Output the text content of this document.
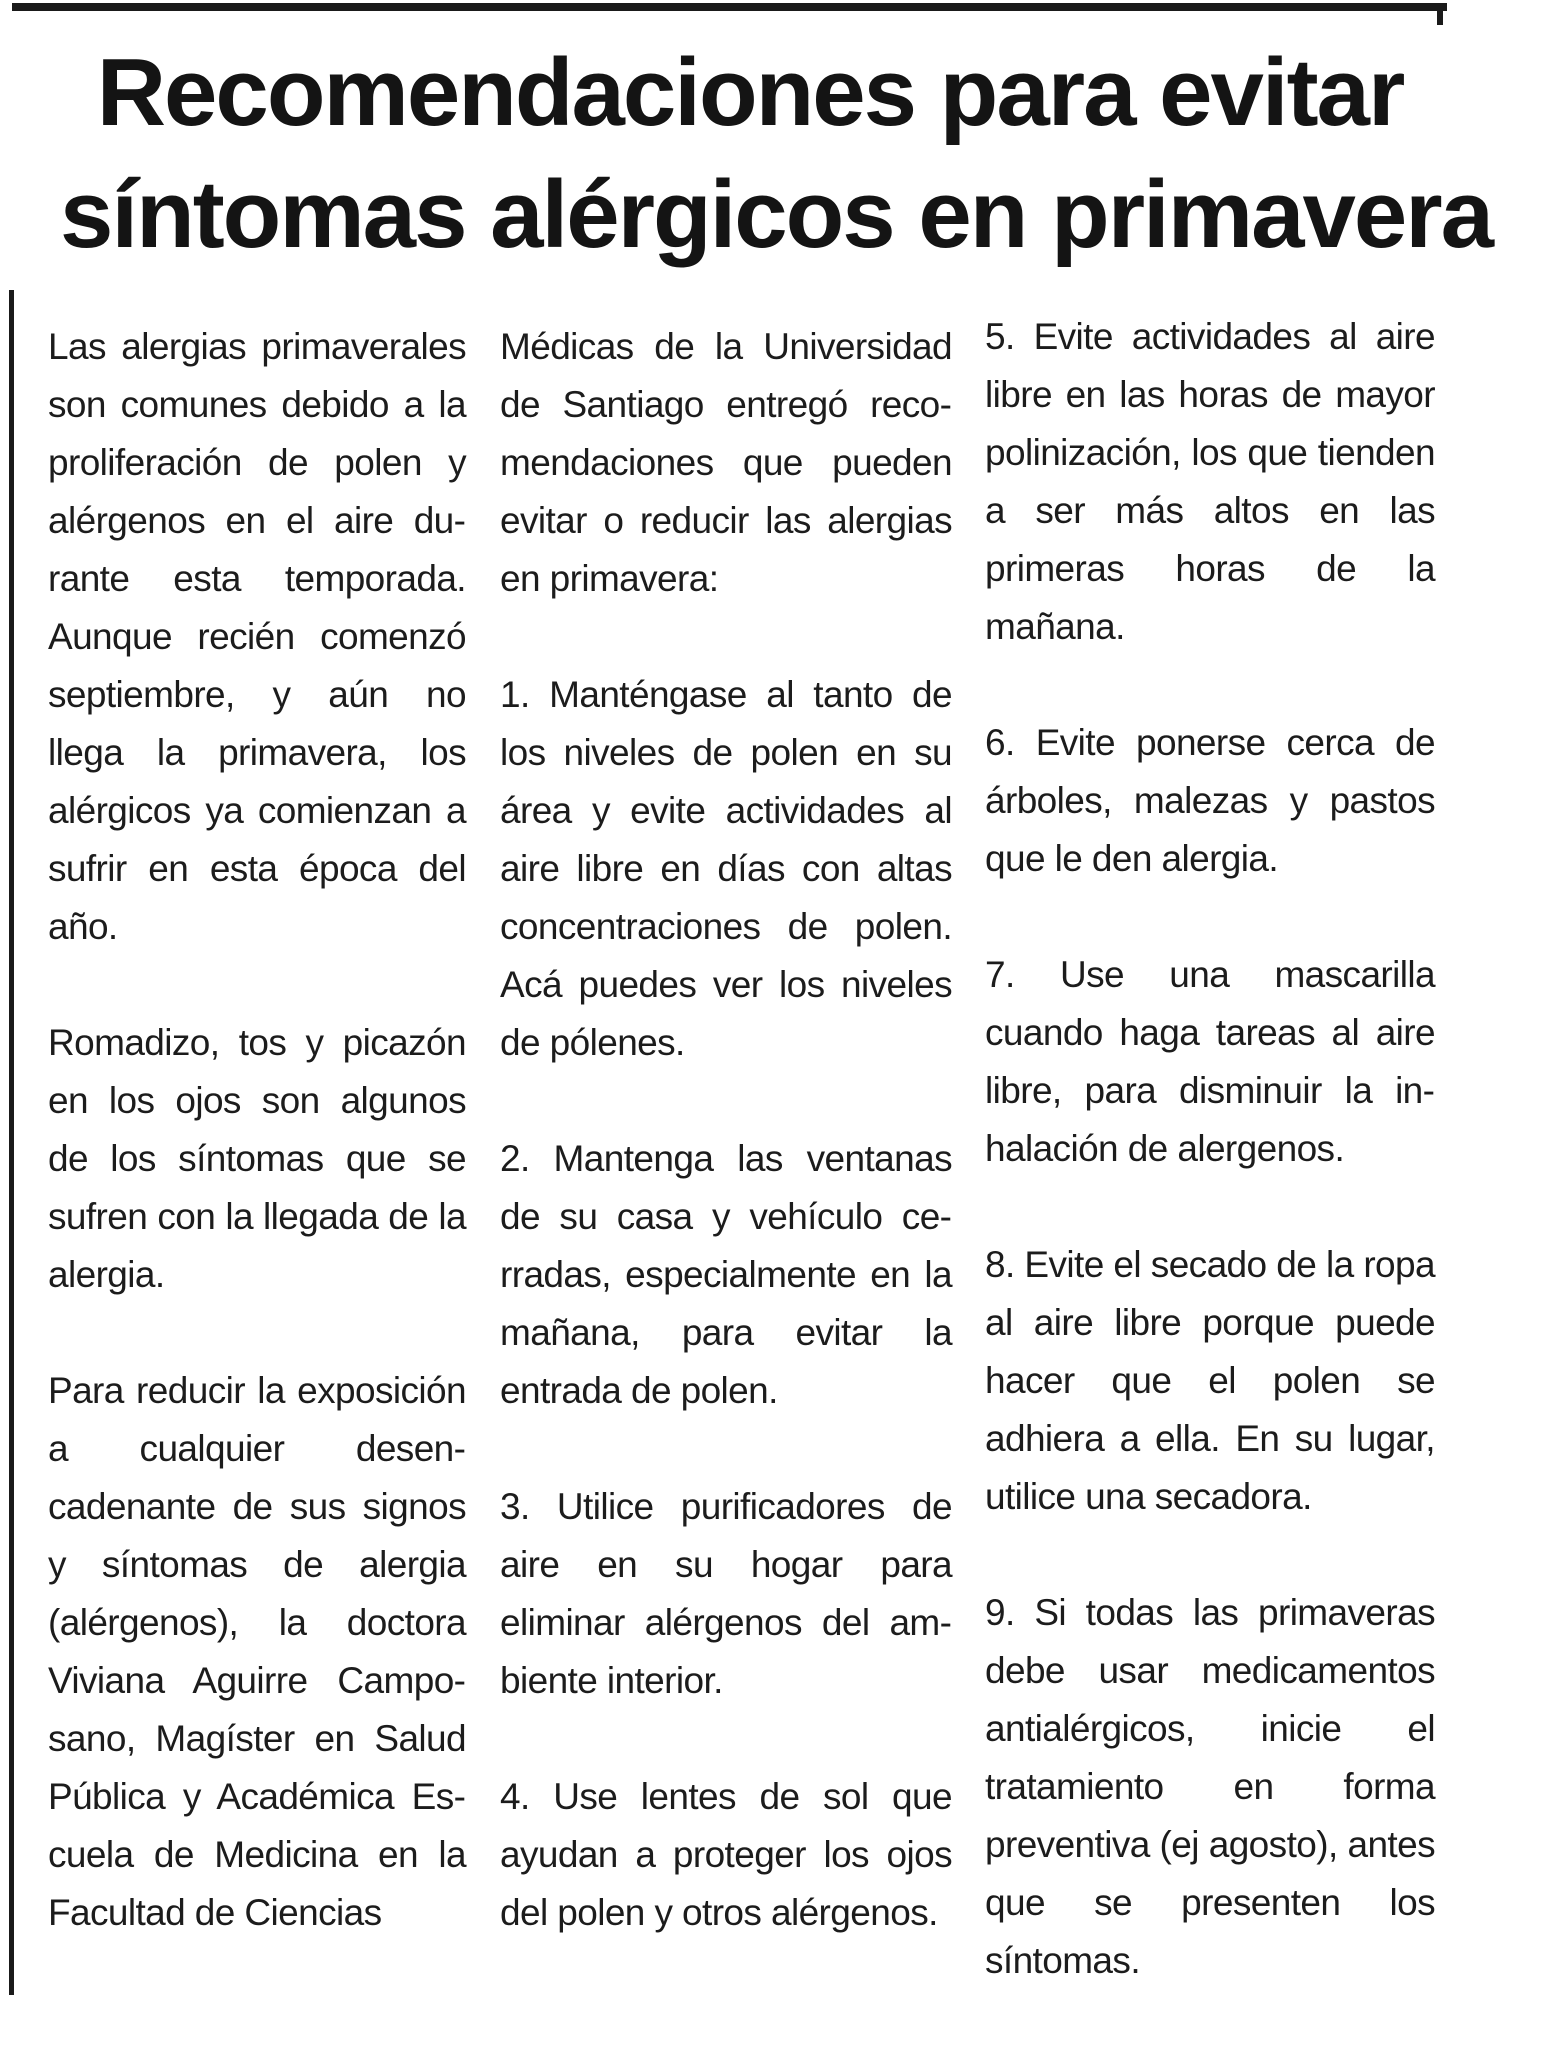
Recomendaciones para evitar
síntomas alérgicos en primavera

Las alergias primaverales son comunes debido a la proliferación de polen y alérgenos en el aire durante esta temporada. Aunque recién comenzó septiembre, y aún no llega la primavera, los alérgicos ya comienzan a sufrir en esta época del año.

Romadizo, tos y picazón en los ojos son algunos de los síntomas que se sufren con la llegada de la alergia.

Para reducir la exposición a cualquier desencadenante de sus signos y síntomas de alergia (alérgenos), la doctora Viviana Aguirre Camposano, Magíster en Salud Pública y Académica Escuela de Medicina en la Facultad de Ciencias

Médicas de la Universidad de Santiago entregó recomendaciones que pueden evitar o reducir las alergias en primavera:

1. Manténgase al tanto de los niveles de polen en su área y evite actividades al aire libre en días con altas concentraciones de polen. Acá puedes ver los niveles de pólenes.

2. Mantenga las ventanas de su casa y vehículo cerradas, especialmente en la mañana, para evitar la entrada de polen.

3. Utilice purificadores de aire en su hogar para eliminar alérgenos del ambiente interior.

4. Use lentes de sol que ayudan a proteger los ojos del polen y otros alérgenos.

5. Evite actividades al aire libre en las horas de mayor polinización, los que tienden a ser más altos en las primeras horas de la mañana.

6. Evite ponerse cerca de árboles, malezas y pastos que le den alergia.

7. Use una mascarilla cuando haga tareas al aire libre, para disminuir la inhalación de alergenos.

8. Evite el secado de la ropa al aire libre porque puede hacer que el polen se adhiera a ella. En su lugar, utilice una secadora.

9. Si todas las primaveras debe usar medicamentos antialérgicos, inicie el tratamiento en forma preventiva (ej agosto), antes que se presenten los síntomas.
